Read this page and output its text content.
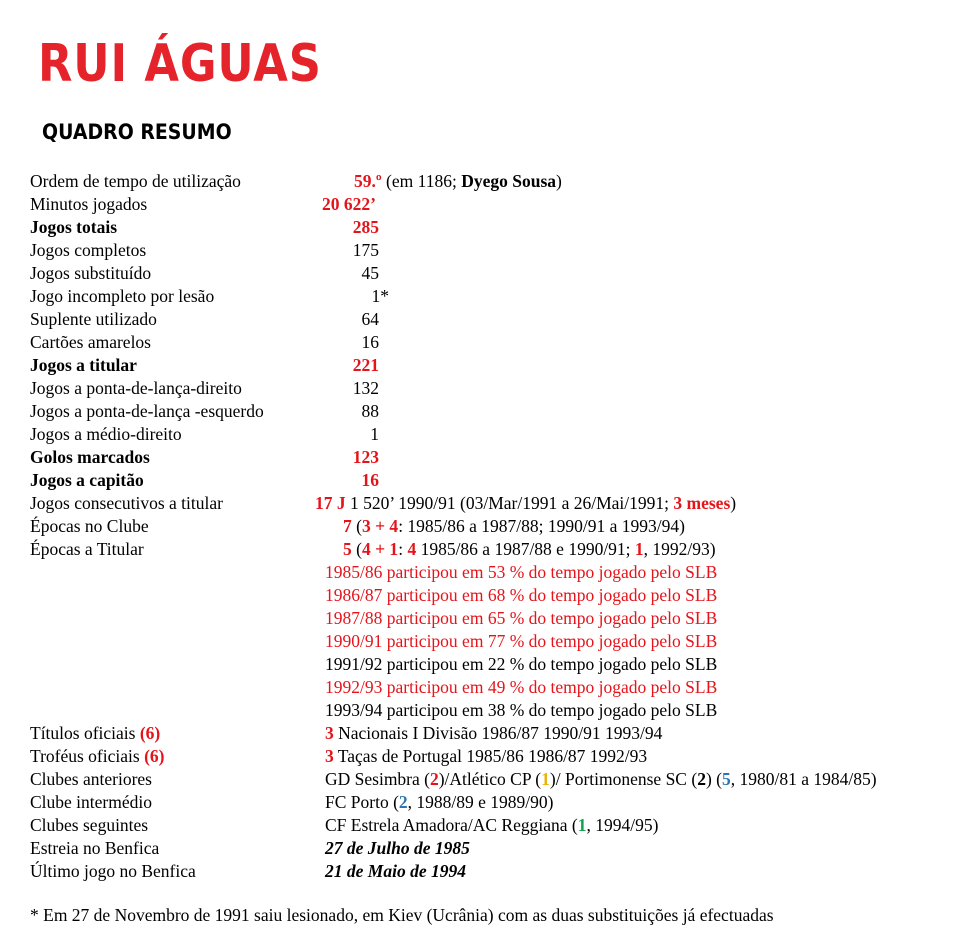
RUI ÁGUAS
QUADRO RESUMO
Ordem de tempo de utilização	59.º (em 1186; Dyego Sousa)
Minutos jogados	20 622’
Jogos totais	285
Jogos completos	175
Jogos substituído	45
Jogo incompleto por lesão	1*
Suplente utilizado	64
Cartões amarelos	16
Jogos a titular	221
Jogos a ponta-de-lança-direito	132
Jogos a ponta-de-lança -esquerdo	88
Jogos a médio-direito	1
Golos marcados	123
Jogos a capitão	16
Jogos consecutivos a titular	17 J 1 520’ 1990/91 (03/Mar/1991 a 26/Mai/1991; 3 meses)
Épocas no Clube	7 (3 + 4: 1985/86 a 1987/88; 1990/91 a 1993/94)
Épocas a Titular	5 (4 + 1: 4 1985/86 a 1987/88 e 1990/91; 1, 1992/93)
1985/86 participou em 53 % do tempo jogado pelo SLB
1986/87 participou em 68 % do tempo jogado pelo SLB
1987/88 participou em 65 % do tempo jogado pelo SLB
1990/91 participou em 77 % do tempo jogado pelo SLB
1991/92 participou em 22 % do tempo jogado pelo SLB
1992/93 participou em 49 % do tempo jogado pelo SLB
1993/94 participou em 38 % do tempo jogado pelo SLB
Títulos oficiais (6)	3 Nacionais I Divisão 1986/87 1990/91 1993/94
Troféus oficiais (6)	3 Taças de Portugal 1985/86 1986/87 1992/93
Clubes anteriores	GD Sesimbra (2)/Atlético CP (1)/ Portimonense SC (2) (5, 1980/81 a 1984/85)
Clube intermédio	FC Porto (2, 1988/89 e 1989/90)
Clubes seguintes	CF Estrela Amadora/AC Reggiana (1, 1994/95)
Estreia no Benfica	27 de Julho de 1985
Último jogo no Benfica	21 de Maio de 1994
* Em 27 de Novembro de 1991 saiu lesionado, em Kiev (Ucrânia) com as duas substituições já efectuadas
